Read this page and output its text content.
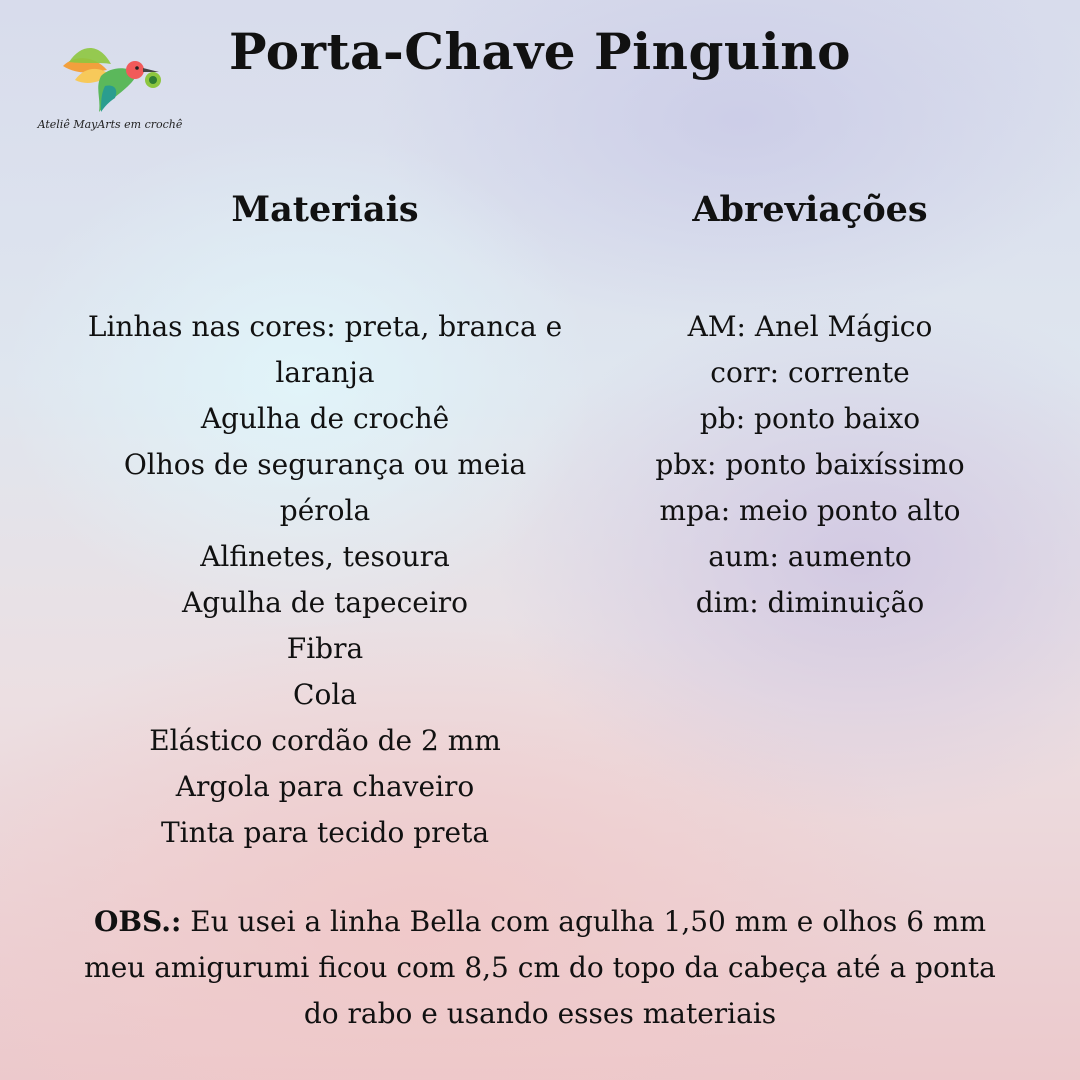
Ateliê MayArts em crochê
Porta-Chave Pinguino
Materiais
Linhas nas cores: preta, branca e
laranja
Agulha de crochê
Olhos de segurança ou meia
pérola
Alfinetes, tesoura
Agulha de tapeceiro
Fibra
Cola
Elástico cordão de 2 mm
Argola para chaveiro
Tinta para tecido preta
Abreviações
AM: Anel Mágico
corr: corrente
pb: ponto baixo
pbx: ponto baixíssimo
mpa: meio ponto alto
aum: aumento
dim: diminuição
OBS.: Eu usei a linha Bella com agulha 1,50 mm e olhos 6 mm
meu amigurumi ficou com 8,5 cm do topo da cabeça até a ponta
do rabo e usando esses materiais
